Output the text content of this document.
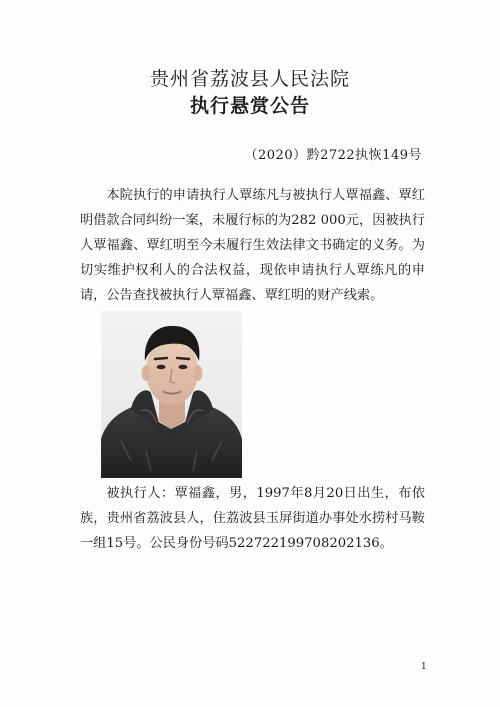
贵州省荔波县人民法院
执行悬赏公告
（2020）黔2722执恢149号

本院执行的申请执行人覃练凡与被执行人覃福鑫、覃红明借款合同纠纷一案，未履行标的为282 000元，因被执行人覃福鑫、覃红明至今未履行生效法律文书确定的义务。为切实维护权利人的合法权益，现依申请执行人覃练凡的申请，公告查找被执行人覃福鑫、覃红明的财产线索。

被执行人：覃福鑫，男，1997年8月20日出生，布依族，贵州省荔波县人，住荔波县玉屏街道办事处水捞村马鞍一组15号。公民身份号码522722199708202136。

1
